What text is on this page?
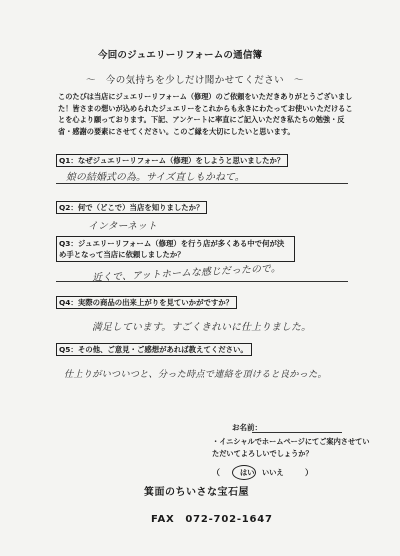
今回のジュエリーリフォームの通信簿
～　今の気持ちを少しだけ聞かせてください　～
このたびは当店にジュエリーリフォーム（修理）のご依頼をいただきありがとうございました！皆さまの想いが込められたジュエリーをこれからも永きにわたってお使いいただけることを心より願っております。下記、アンケートに率直にご記入いただき私たちの勉強・反省・感謝の要素にさせてください。このご縁を大切にしたいと思います。
Q1：なぜジュエリーリフォーム（修理）をしようと思いましたか？
娘の結婚式の為。サイズ直しもかねて。
Q2：何で（どこで）当店を知りましたか？
インターネット
Q3：ジュエリーリフォーム（修理）を行う店が多くある中で何が決め手となって当店に依頼しましたか？
近くで、アットホームな感じだったので。
Q4：実際の商品の出来上がりを見ていかがですか？
満足しています。すごくきれいに仕上りました。
Q5：その他、ご意見・ご感想があれば教えてください。
仕上りがいついつと、分った時点で連絡を頂けると良かった。
お名前：
・イニシャルでホームページにてご案内させていただいてよろしいでしょうか？
（	はい いいえ	）
箕面のちいさな宝石屋
FAX　072-702-1647
